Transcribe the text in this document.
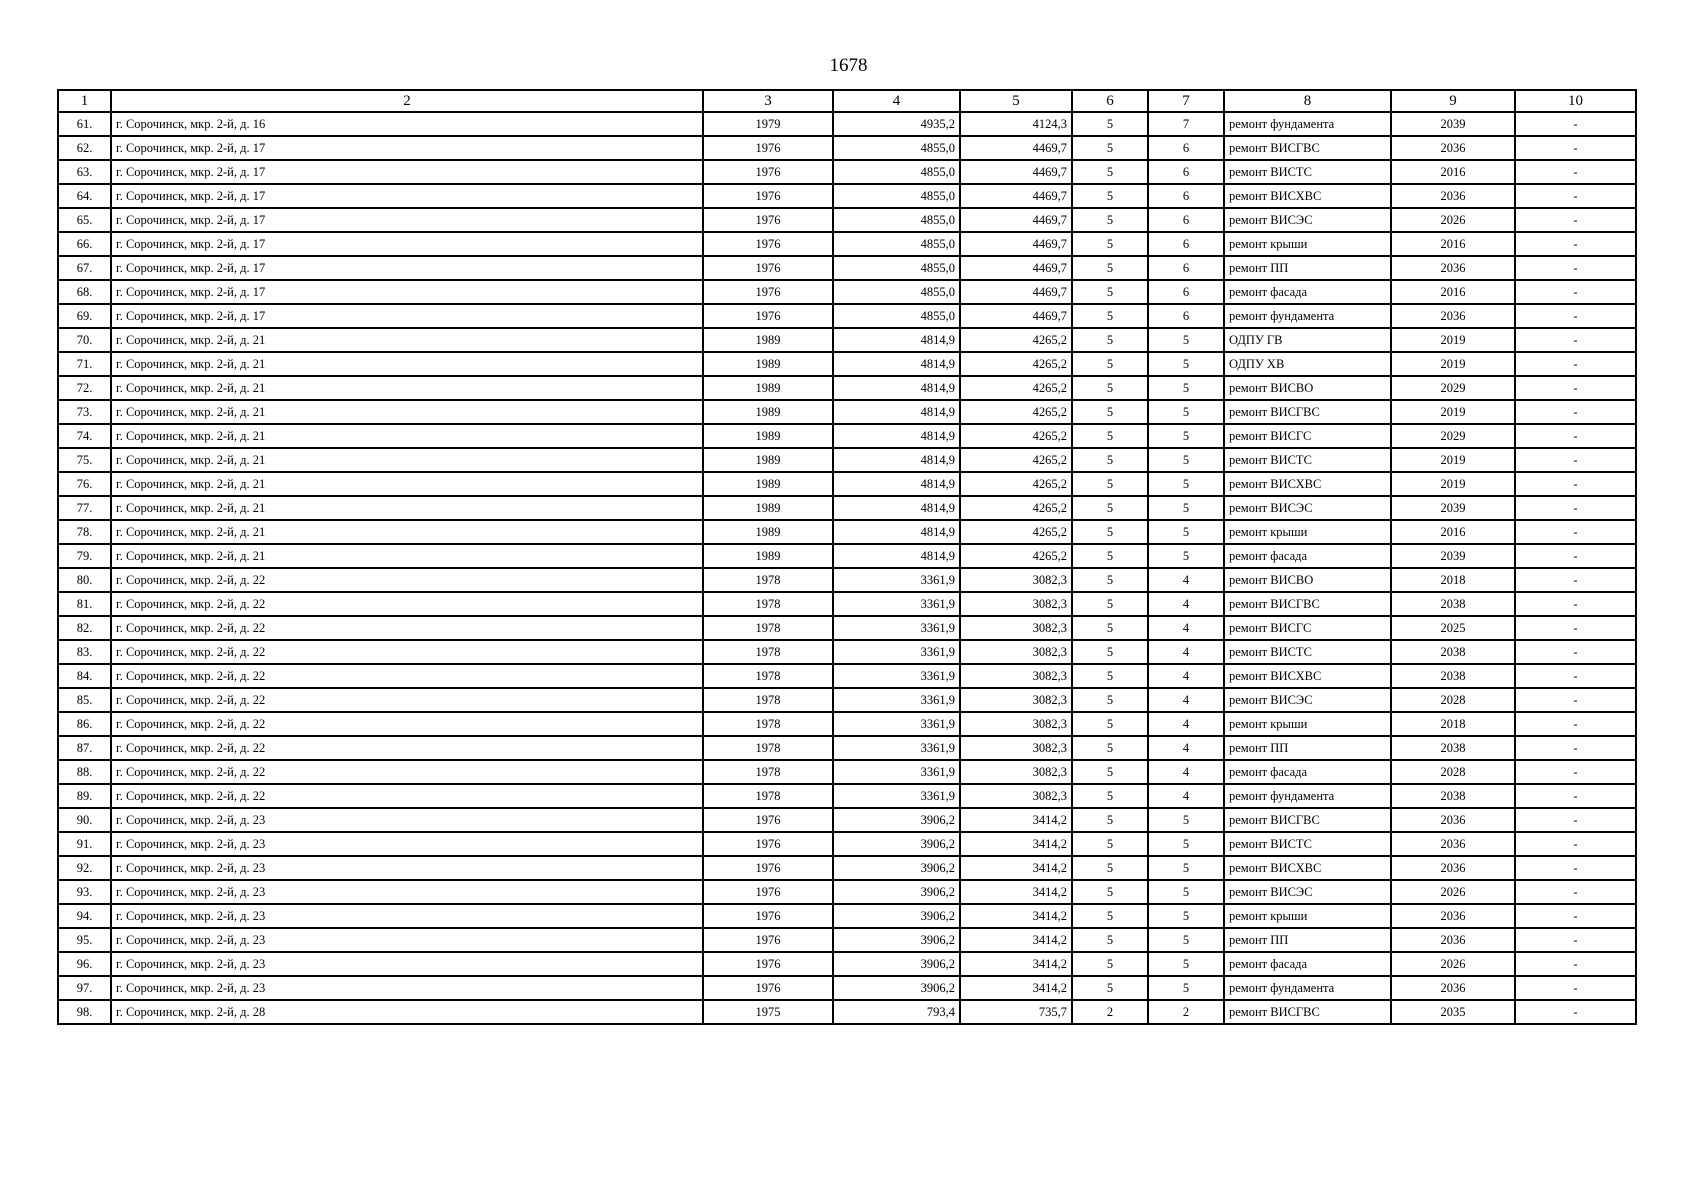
1678
1	2	3	4	5	6	7	8	9	10
61.	г. Сорочинск, мкр. 2-й, д. 16	1979	4935,2	4124,3	5	7	ремонт фундамента	2039	-
62.	г. Сорочинск, мкр. 2-й, д. 17	1976	4855,0	4469,7	5	6	ремонт ВИСГВС	2036	-
63.	г. Сорочинск, мкр. 2-й, д. 17	1976	4855,0	4469,7	5	6	ремонт ВИСТС	2016	-
64.	г. Сорочинск, мкр. 2-й, д. 17	1976	4855,0	4469,7	5	6	ремонт ВИСХВС	2036	-
65.	г. Сорочинск, мкр. 2-й, д. 17	1976	4855,0	4469,7	5	6	ремонт ВИСЭС	2026	-
66.	г. Сорочинск, мкр. 2-й, д. 17	1976	4855,0	4469,7	5	6	ремонт крыши	2016	-
67.	г. Сорочинск, мкр. 2-й, д. 17	1976	4855,0	4469,7	5	6	ремонт ПП	2036	-
68.	г. Сорочинск, мкр. 2-й, д. 17	1976	4855,0	4469,7	5	6	ремонт фасада	2016	-
69.	г. Сорочинск, мкр. 2-й, д. 17	1976	4855,0	4469,7	5	6	ремонт фундамента	2036	-
70.	г. Сорочинск, мкр. 2-й, д. 21	1989	4814,9	4265,2	5	5	ОДПУ ГВ	2019	-
71.	г. Сорочинск, мкр. 2-й, д. 21	1989	4814,9	4265,2	5	5	ОДПУ ХВ	2019	-
72.	г. Сорочинск, мкр. 2-й, д. 21	1989	4814,9	4265,2	5	5	ремонт ВИСВО	2029	-
73.	г. Сорочинск, мкр. 2-й, д. 21	1989	4814,9	4265,2	5	5	ремонт ВИСГВС	2019	-
74.	г. Сорочинск, мкр. 2-й, д. 21	1989	4814,9	4265,2	5	5	ремонт ВИСГС	2029	-
75.	г. Сорочинск, мкр. 2-й, д. 21	1989	4814,9	4265,2	5	5	ремонт ВИСТС	2019	-
76.	г. Сорочинск, мкр. 2-й, д. 21	1989	4814,9	4265,2	5	5	ремонт ВИСХВС	2019	-
77.	г. Сорочинск, мкр. 2-й, д. 21	1989	4814,9	4265,2	5	5	ремонт ВИСЭС	2039	-
78.	г. Сорочинск, мкр. 2-й, д. 21	1989	4814,9	4265,2	5	5	ремонт крыши	2016	-
79.	г. Сорочинск, мкр. 2-й, д. 21	1989	4814,9	4265,2	5	5	ремонт фасада	2039	-
80.	г. Сорочинск, мкр. 2-й, д. 22	1978	3361,9	3082,3	5	4	ремонт ВИСВО	2018	-
81.	г. Сорочинск, мкр. 2-й, д. 22	1978	3361,9	3082,3	5	4	ремонт ВИСГВС	2038	-
82.	г. Сорочинск, мкр. 2-й, д. 22	1978	3361,9	3082,3	5	4	ремонт ВИСГС	2025	-
83.	г. Сорочинск, мкр. 2-й, д. 22	1978	3361,9	3082,3	5	4	ремонт ВИСТС	2038	-
84.	г. Сорочинск, мкр. 2-й, д. 22	1978	3361,9	3082,3	5	4	ремонт ВИСХВС	2038	-
85.	г. Сорочинск, мкр. 2-й, д. 22	1978	3361,9	3082,3	5	4	ремонт ВИСЭС	2028	-
86.	г. Сорочинск, мкр. 2-й, д. 22	1978	3361,9	3082,3	5	4	ремонт крыши	2018	-
87.	г. Сорочинск, мкр. 2-й, д. 22	1978	3361,9	3082,3	5	4	ремонт ПП	2038	-
88.	г. Сорочинск, мкр. 2-й, д. 22	1978	3361,9	3082,3	5	4	ремонт фасада	2028	-
89.	г. Сорочинск, мкр. 2-й, д. 22	1978	3361,9	3082,3	5	4	ремонт фундамента	2038	-
90.	г. Сорочинск, мкр. 2-й, д. 23	1976	3906,2	3414,2	5	5	ремонт ВИСГВС	2036	-
91.	г. Сорочинск, мкр. 2-й, д. 23	1976	3906,2	3414,2	5	5	ремонт ВИСТС	2036	-
92.	г. Сорочинск, мкр. 2-й, д. 23	1976	3906,2	3414,2	5	5	ремонт ВИСХВС	2036	-
93.	г. Сорочинск, мкр. 2-й, д. 23	1976	3906,2	3414,2	5	5	ремонт ВИСЭС	2026	-
94.	г. Сорочинск, мкр. 2-й, д. 23	1976	3906,2	3414,2	5	5	ремонт крыши	2036	-
95.	г. Сорочинск, мкр. 2-й, д. 23	1976	3906,2	3414,2	5	5	ремонт ПП	2036	-
96.	г. Сорочинск, мкр. 2-й, д. 23	1976	3906,2	3414,2	5	5	ремонт фасада	2026	-
97.	г. Сорочинск, мкр. 2-й, д. 23	1976	3906,2	3414,2	5	5	ремонт фундамента	2036	-
98.	г. Сорочинск, мкр. 2-й, д. 28	1975	793,4	735,7	2	2	ремонт ВИСГВС	2035	-
